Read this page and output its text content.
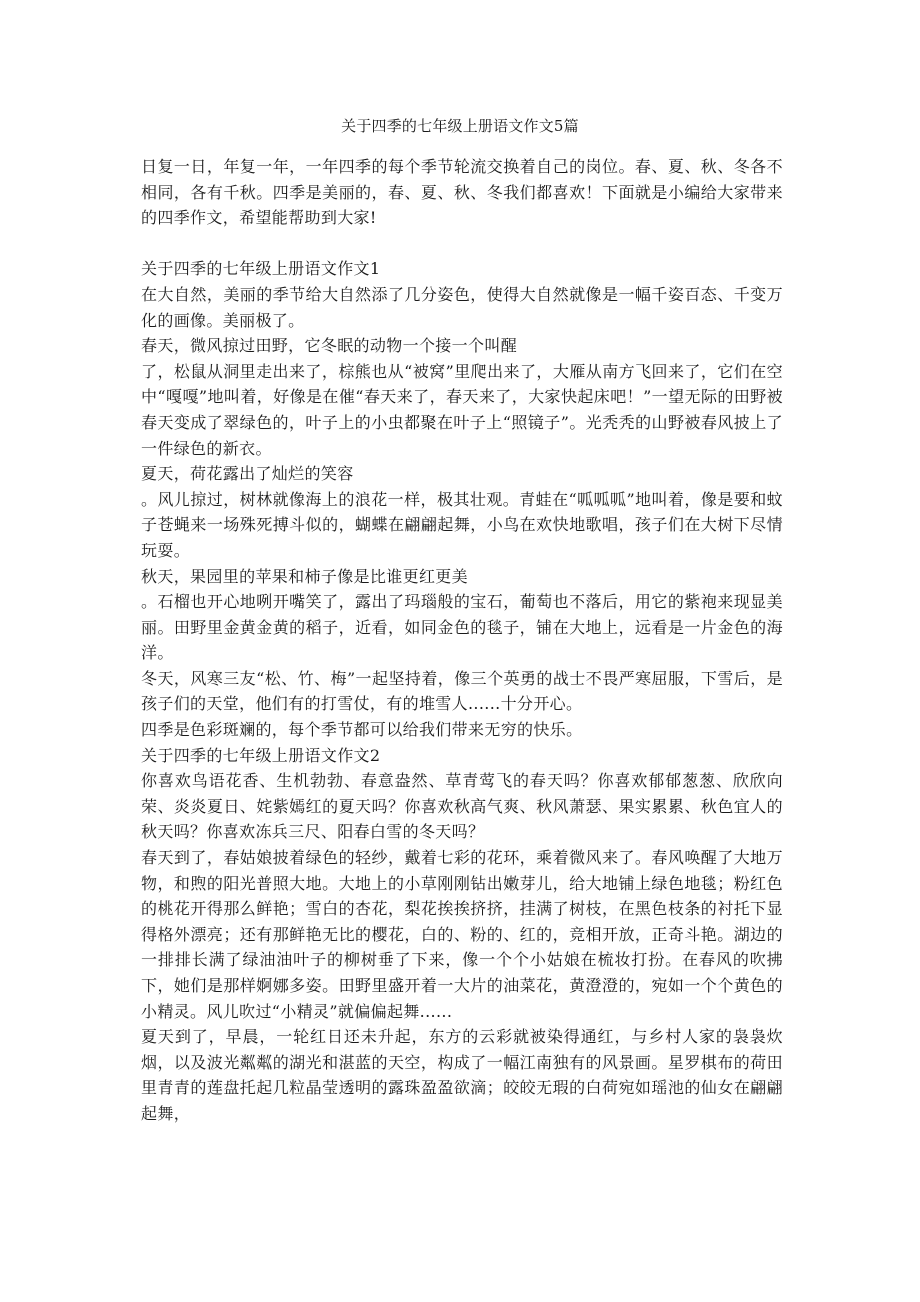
关于四季的七年级上册语文作文5篇

日复一日，年复一年，一年四季的每个季节轮流交换着自己的岗位。春、夏、秋、冬各不相同，各有千秋。四季是美丽的，春、夏、秋、冬我们都喜欢！下面就是小编给大家带来的四季作文，希望能帮助到大家!

关于四季的七年级上册语文作文1

在大自然，美丽的季节给大自然添了几分姿色，使得大自然就像是一幅千姿百态、千变万化的画像。美丽极了。

春天，微风掠过田野，它冬眠的动物一个接一个叫醒

了，松鼠从洞里走出来了，棕熊也从“被窝”里爬出来了，大雁从南方飞回来了，它们在空中“嘎嘎”地叫着，好像是在催“春天来了，春天来了，大家快起床吧！”一望无际的田野被春天变成了翠绿色的，叶子上的小虫都聚在叶子上“照镜子”。光秃秃的山野被春风披上了一件绿色的新衣。

夏天，荷花露出了灿烂的笑容

。风儿掠过，树林就像海上的浪花一样，极其壮观。青蛙在“呱呱呱”地叫着，像是要和蚊子苍蝇来一场殊死搏斗似的，蝴蝶在翩翩起舞，小鸟在欢快地歌唱，孩子们在大树下尽情玩耍。

秋天，果园里的苹果和柿子像是比谁更红更美

。石榴也开心地咧开嘴笑了，露出了玛瑙般的宝石，葡萄也不落后，用它的紫袍来现显美丽。田野里金黄金黄的稻子，近看，如同金色的毯子，铺在大地上，远看是一片金色的海洋。

冬天，风寒三友“松、竹、梅”一起坚持着，像三个英勇的战士不畏严寒屈服，下雪后，是孩子们的天堂，他们有的打雪仗，有的堆雪人......十分开心。

四季是色彩斑斓的，每个季节都可以给我们带来无穷的快乐。

关于四季的七年级上册语文作文2

你喜欢鸟语花香、生机勃勃、春意盎然、草青莺飞的春天吗？你喜欢郁郁葱葱、欣欣向荣、炎炎夏日、姹紫嫣红的夏天吗？你喜欢秋高气爽、秋风萧瑟、果实累累、秋色宜人的秋天吗？你喜欢冻兵三尺、阳春白雪的冬天吗？

春天到了，春姑娘披着绿色的轻纱，戴着七彩的花环，乘着微风来了。春风唤醒了大地万物，和煦的阳光普照大地。大地上的小草刚刚钻出嫩芽儿，给大地铺上绿色地毯；粉红色的桃花开得那么鲜艳；雪白的杏花，梨花挨挨挤挤，挂满了树枝，在黑色枝条的衬托下显得格外漂亮；还有那鲜艳无比的樱花，白的、粉的、红的，竞相开放，正奇斗艳。湖边的一排排长满了绿油油叶子的柳树垂了下来，像一个个小姑娘在梳妆打扮。在春风的吹拂下，她们是那样婀娜多姿。田野里盛开着一大片的油菜花，黄澄澄的，宛如一个个黄色的小精灵。风儿吹过“小精灵”就偏偏起舞......

夏天到了，早晨，一轮红日还未升起，东方的云彩就被染得通红，与乡村人家的袅袅炊烟，以及波光粼粼的湖光和湛蓝的天空，构成了一幅江南独有的风景画。星罗棋布的荷田里青青的莲盘托起几粒晶莹透明的露珠盈盈欲滴；皎皎无瑕的白荷宛如瑶池的仙女在翩翩起舞，
